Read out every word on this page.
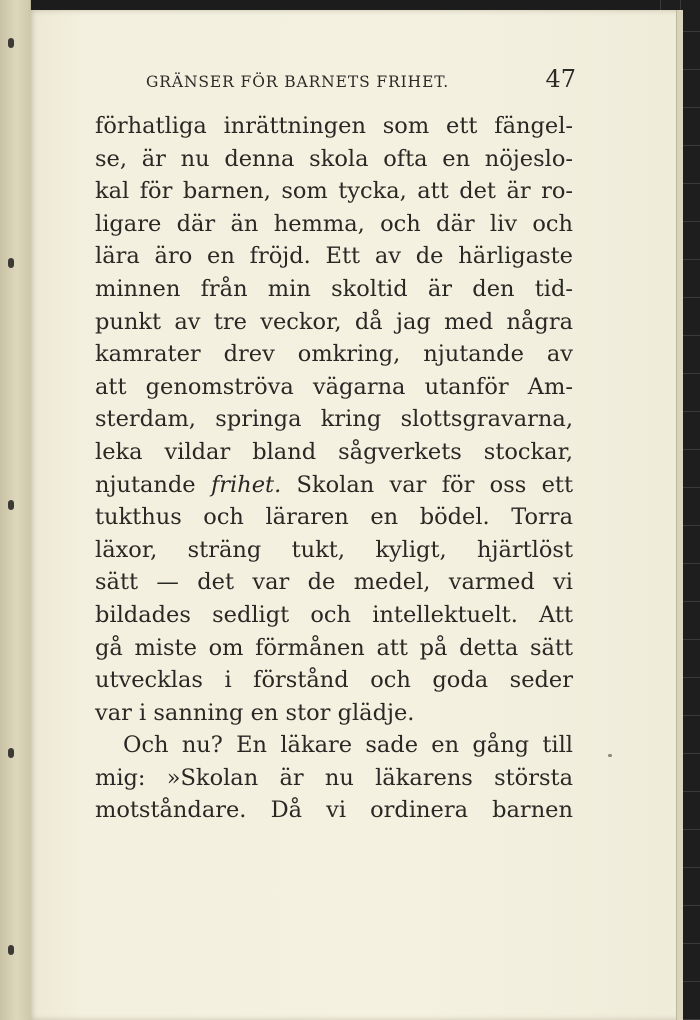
GRÄNSER FÖR BARNETS FRIHET.	47
förhatliga inrättningen som ett fängel-
se, är nu denna skola ofta en nöjeslo-
kal för barnen, som tycka, att det är ro-
ligare där än hemma, och där liv och
lära äro en fröjd. Ett av de härligaste
minnen från min skoltid är den tid-
punkt av tre veckor, då jag med några
kamrater drev omkring, njutande av
att genomströva vägarna utanför Am-
sterdam, springa kring slottsgravarna,
leka vildar bland sågverkets stockar,
njutande frihet. Skolan var för oss ett
tukthus och läraren en bödel. Torra
läxor, sträng tukt, kyligt, hjärtlöst
sätt — det var de medel, varmed vi
bildades sedligt och intellektuelt. Att
gå miste om förmånen att på detta sätt
utvecklas i förstånd och goda seder
var i sanning en stor glädje.
Och nu? En läkare sade en gång till
mig: »Skolan är nu läkarens största
motståndare. Då vi ordinera barnen
